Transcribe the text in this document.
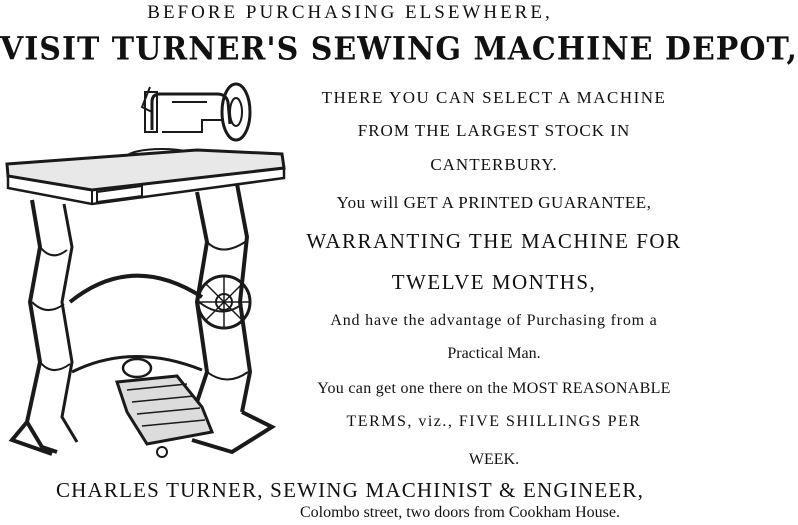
BEFORE PURCHASING ELSEWHERE,
VISIT TURNER'S SEWING MACHINE DEPOT,
THERE YOU CAN SELECT A MACHINE
FROM THE LARGEST STOCK IN
CANTERBURY.
You will GET A PRINTED GUARANTEE,
WARRANTING THE MACHINE FOR
TWELVE MONTHS,
And have the advantage of Purchasing from a
Practical Man.
You can get one there on the MOST REASONABLE
TERMS, viz., FIVE SHILLINGS PER
WEEK.
CHARLES TURNER, SEWING MACHINIST & ENGINEER,
Colombo street, two doors from Cookham House.
